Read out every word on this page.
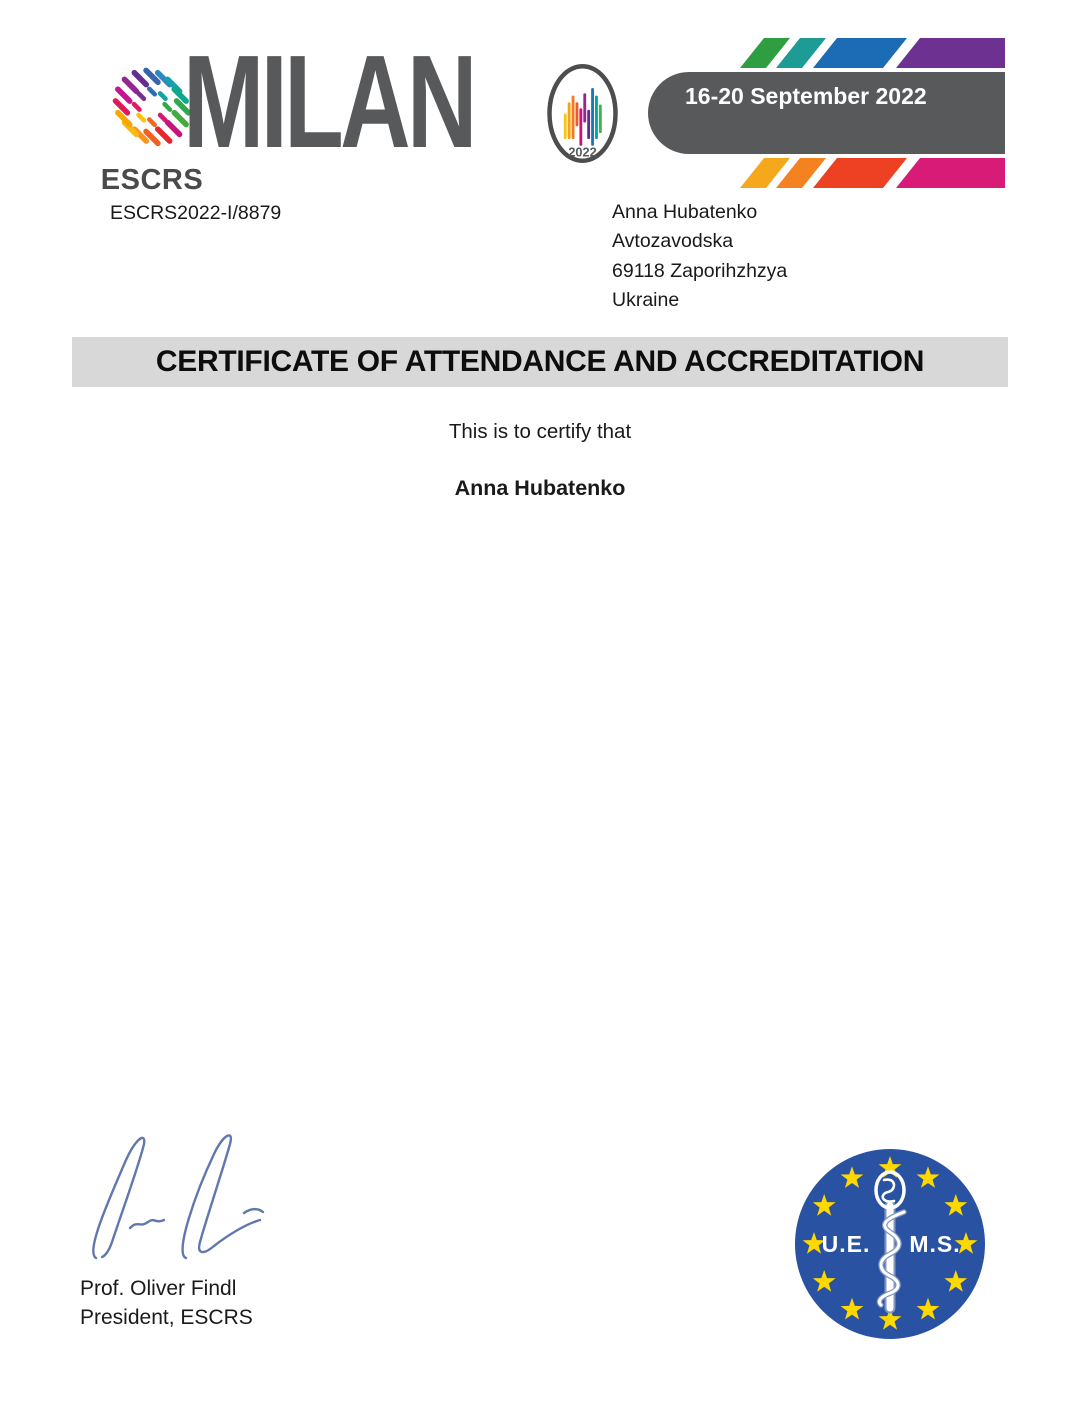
ESCRS
MILAN	2022
16-20 September 2022
ESCRS2022-I/8879	Anna Hubatenko
Avtozavodska
69118 Zaporihzhzya
Ukraine
CERTIFICATE OF ATTENDANCE AND ACCREDITATION
This is to certify that
Anna Hubatenko
Prof. Oliver Findl
President, ESCRS
U.E. M.S.
